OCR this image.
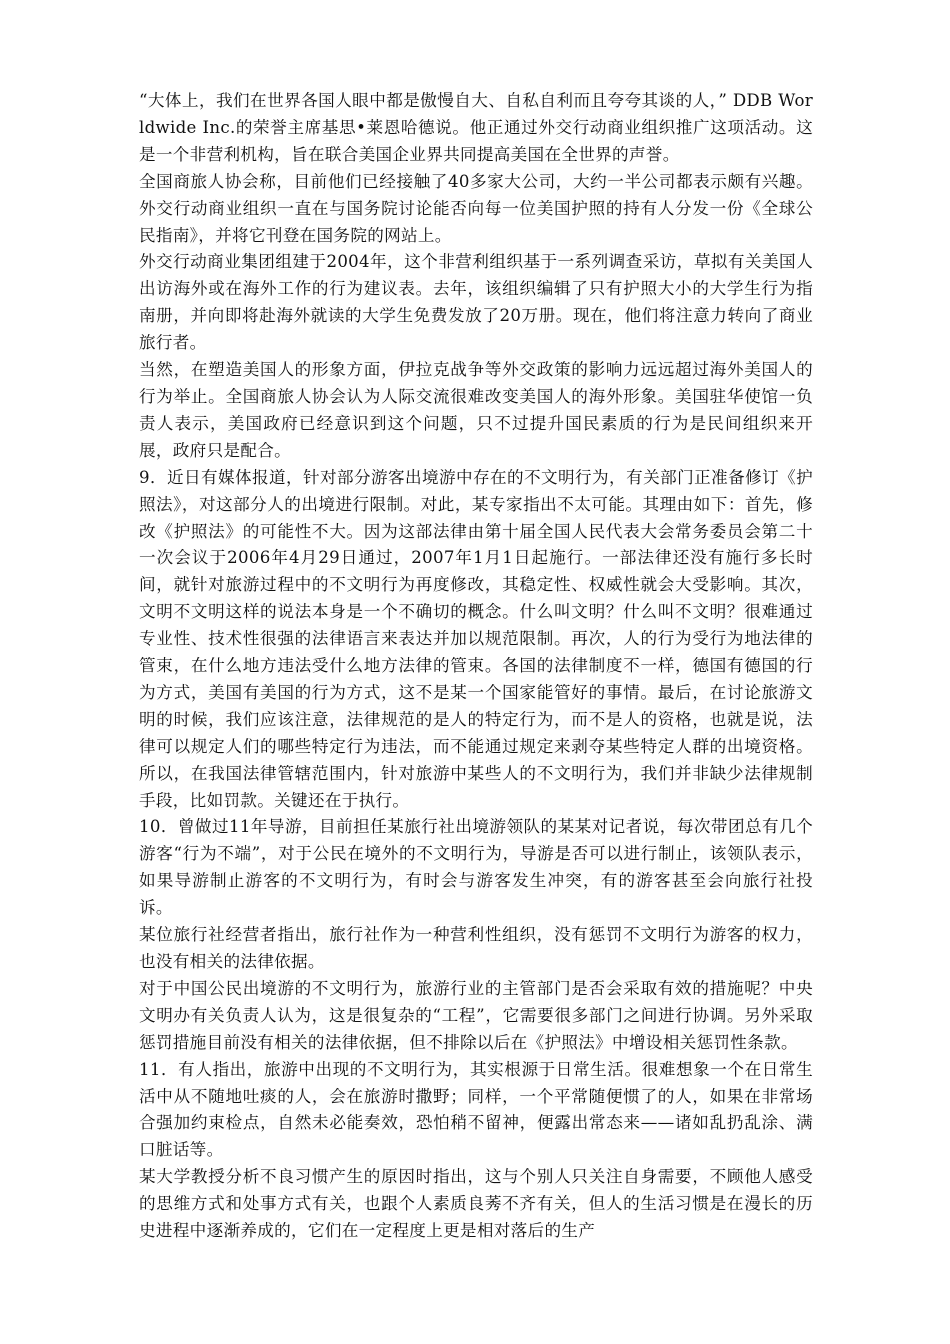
“大体上，我们在世界各国人眼中都是傲慢自大、自私自利而且夸夸其谈的人，” DDB Worldwide Inc.的荣誉主席基思•莱恩哈德说。他正通过外交行动商业组织推广这项活动。这是一个非营利机构，旨在联合美国企业界共同提高美国在全世界的声誉。

全国商旅人协会称，目前他们已经接触了40多家大公司，大约一半公司都表示颇有兴趣。外交行动商业组织一直在与国务院讨论能否向每一位美国护照的持有人分发一份《全球公民指南》，并将它刊登在国务院的网站上。

外交行动商业集团组建于2004年，这个非营利组织基于一系列调查采访，草拟有关美国人出访海外或在海外工作的行为建议表。去年，该组织编辑了只有护照大小的大学生行为指南册，并向即将赴海外就读的大学生免费发放了20万册。现在，他们将注意力转向了商业旅行者。

当然，在塑造美国人的形象方面，伊拉克战争等外交政策的影响力远远超过海外美国人的行为举止。全国商旅人协会认为人际交流很难改变美国人的海外形象。美国驻华使馆一负责人表示，美国政府已经意识到这个问题，只不过提升国民素质的行为是民间组织来开展，政府只是配合。

9．近日有媒体报道，针对部分游客出境游中存在的不文明行为，有关部门正准备修订《护照法》，对这部分人的出境进行限制。对此，某专家指出不太可能。其理由如下：首先，修改《护照法》的可能性不大。因为这部法律由第十届全国人民代表大会常务委员会第二十一次会议于2006年4月29日通过，2007年1月1日起施行。一部法律还没有施行多长时间，就针对旅游过程中的不文明行为再度修改，其稳定性、权威性就会大受影响。其次，文明不文明这样的说法本身是一个不确切的概念。什么叫文明？什么叫不文明？很难通过专业性、技术性很强的法律语言来表达并加以规范限制。再次，人的行为受行为地法律的管束，在什么地方违法受什么地方法律的管束。各国的法律制度不一样，德国有德国的行为方式，美国有美国的行为方式，这不是某一个国家能管好的事情。最后，在讨论旅游文明的时候，我们应该注意，法律规范的是人的特定行为，而不是人的资格，也就是说，法律可以规定人们的哪些特定行为违法，而不能通过规定来剥夺某些特定人群的出境资格。所以，在我国法律管辖范围内，针对旅游中某些人的不文明行为，我们并非缺少法律规制手段，比如罚款。关键还在于执行。

10．曾做过11年导游，目前担任某旅行社出境游领队的某某对记者说，每次带团总有几个游客“行为不端”，对于公民在境外的不文明行为，导游是否可以进行制止，该领队表示，如果导游制止游客的不文明行为，有时会与游客发生冲突，有的游客甚至会向旅行社投诉。

某位旅行社经营者指出，旅行社作为一种营利性组织，没有惩罚不文明行为游客的权力，也没有相关的法律依据。

对于中国公民出境游的不文明行为，旅游行业的主管部门是否会采取有效的措施呢？中央文明办有关负责人认为，这是很复杂的“工程”，它需要很多部门之间进行协调。另外采取惩罚措施目前没有相关的法律依据，但不排除以后在《护照法》中增设相关惩罚性条款。

11．有人指出，旅游中出现的不文明行为，其实根源于日常生活。很难想象一个在日常生活中从不随地吐痰的人，会在旅游时撒野；同样，一个平常随便惯了的人，如果在非常场合强加约束检点，自然未必能奏效，恐怕稍不留神，便露出常态来——诸如乱扔乱涂、满口脏话等。

某大学教授分析不良习惯产生的原因时指出，这与个别人只关注自身需要，不顾他人感受的思维方式和处事方式有关，也跟个人素质良莠不齐有关，但人的生活习惯是在漫长的历史进程中逐渐养成的，它们在一定程度上更是相对落后的生产
